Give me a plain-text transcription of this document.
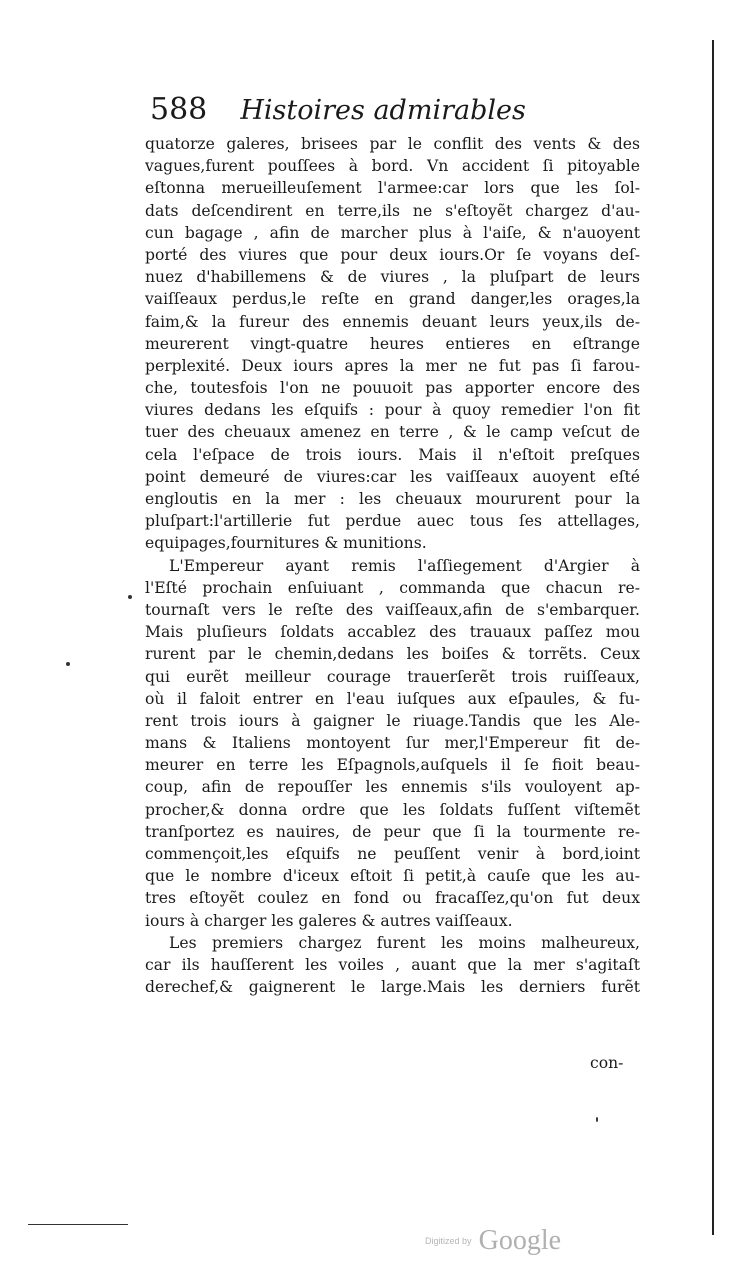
588 Histoires admirables
quatorze galeres, brisees par le conflit des vents & des
vagues,furent pouſſees à bord. Vn accident ſi pitoyable
eſtonna merueilleuſement l'armee:car lors que les ſol-
dats deſcendirent en terre,ils ne s'eſtoyẽt chargez d'au-
cun bagage , afin de marcher plus à l'aiſe, & n'auoyent
porté des viures que pour deux iours.Or ſe voyans deſ-
nuez d'habillemens & de viures , la pluſpart de leurs
vaiſſeaux perdus,le reſte en grand danger,les orages,la
faim,& la fureur des ennemis deuant leurs yeux,ils de-
meurerent vingt-quatre heures entieres en eſtrange
perplexité. Deux iours apres la mer ne fut pas ſi farou-
che, toutesfois l'on ne pouuoit pas apporter encore des
viures dedans les eſquifs : pour à quoy remedier l'on fit
tuer des cheuaux amenez en terre , & le camp veſcut de
cela l'eſpace de trois iours. Mais il n'eſtoit preſques
point demeuré de viures:car les vaiſſeaux auoyent eſté
engloutis en la mer : les cheuaux moururent pour la
pluſpart:l'artillerie fut perdue auec tous ſes attellages,
equipages,fournitures & munitions.
L'Empereur ayant remis l'aſſiegement d'Argier à
l'Eſté prochain enſuiuant , commanda que chacun re-
tournaſt vers le reſte des vaiſſeaux,afin de s'embarquer.
Mais pluſieurs ſoldats accablez des trauaux paſſez mou
rurent par le chemin,dedans les boiſes & torrẽts. Ceux
qui eurẽt meilleur courage trauerſerẽt trois ruiſſeaux,
où il faloit entrer en l'eau iuſques aux eſpaules, & fu-
rent trois iours à gaigner le riuage.Tandis que les Ale-
mans & Italiens montoyent ſur mer,l'Empereur fit de-
meurer en terre les Eſpagnols,auſquels il ſe fioit beau-
coup, afin de repouſſer les ennemis s'ils vouloyent ap-
procher,& donna ordre que les ſoldats fuſſent viſtemẽt
tranſportez es nauires, de peur que ſi la tourmente re-
commençoit,les eſquifs ne peuſſent venir à bord,ioint
que le nombre d'iceux eſtoit ſi petit,à cauſe que les au-
tres eſtoyẽt coulez en fond ou fracaſſez,qu'on fut deux
iours à charger les galeres & autres vaiſſeaux.
Les premiers chargez furent les moins malheureux,
car ils hauſſerent les voiles , auant que la mer s'agitaſt
derechef,& gaignerent le large.Mais les derniers furẽt
con-
Digitized by Google
